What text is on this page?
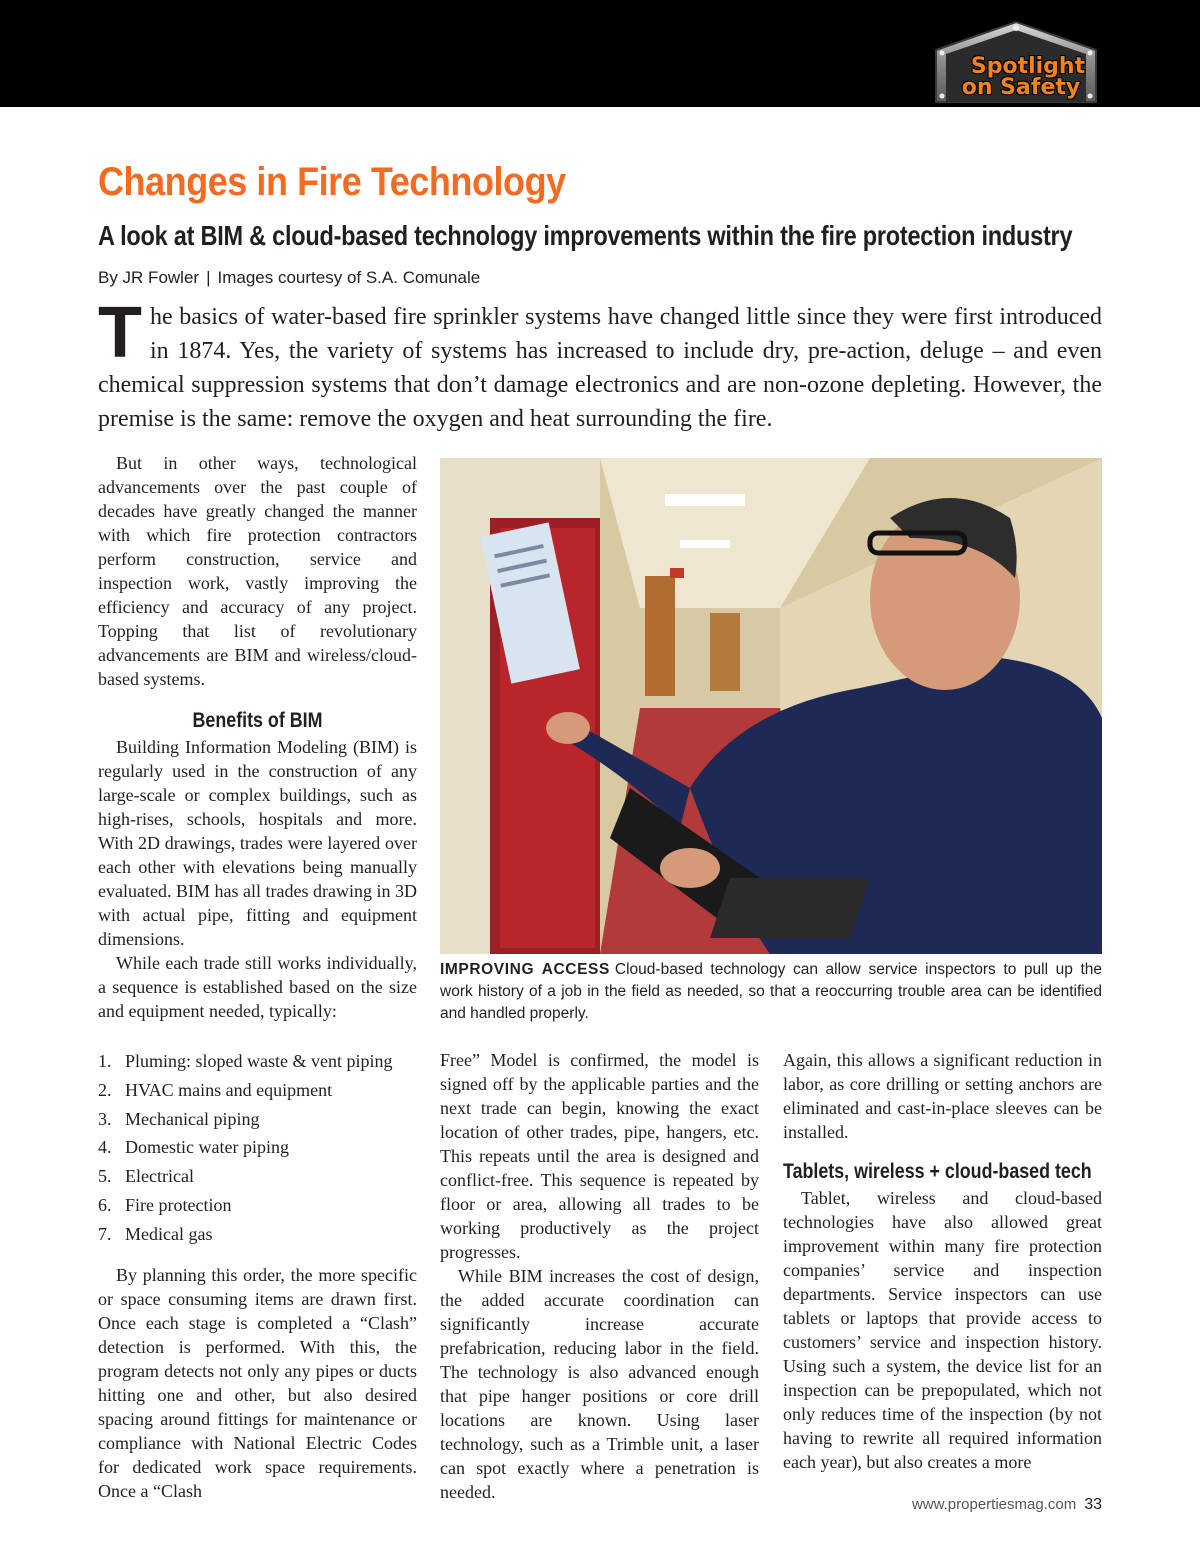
Spotlight
on Safety
Changes in Fire Technology
A look at BIM & cloud-based technology improvements within the fire protection industry
By JR Fowler | Images courtesy of S.A. Comunale

The basics of water-based fire sprinkler systems have changed little since they were first introduced in 1874. Yes, the variety of systems has increased to include dry, pre-action, deluge – and even chemical suppression systems that don’t damage electronics and are non-ozone depleting. However, the premise is the same: remove the oxygen and heat surrounding the fire.

But in other ways, technological advancements over the past couple of decades have greatly changed the manner with which fire protection contractors perform construction, service and inspection work, vastly improving the efficiency and accuracy of any project. Topping that list of revolutionary advancements are BIM and wireless/cloud-based systems.

Benefits of BIM

Building Information Modeling (BIM) is regularly used in the construction of any large-scale or complex buildings, such as high-rises, schools, hospitals and more. With 2D drawings, trades were layered over each other with elevations being manually evaluated. BIM has all trades drawing in 3D with actual pipe, fitting and equipment dimensions.

While each trade still works individually, a sequence is established based on the size and equipment needed, typically:

1. Pluming: sloped waste & vent piping
2. HVAC mains and equipment
3. Mechanical piping
4. Domestic water piping
5. Electrical
6. Fire protection
7. Medical gas

By planning this order, the more specific or space consuming items are drawn first. Once each stage is completed a “Clash” detection is performed. With this, the program detects not only any pipes or ducts hitting one and other, but also desired spacing around fittings for maintenance or compliance with National Electric Codes for dedicated work space requirements. Once a “Clash

IMPROVING ACCESS Cloud-based technology can allow service inspectors to pull up the work history of a job in the field as needed, so that a reoccurring trouble area can be identified and handled properly.

Free” Model is confirmed, the model is signed off by the applicable parties and the next trade can begin, knowing the exact location of other trades, pipe, hangers, etc. This repeats until the area is designed and conflict-free. This sequence is repeated by floor or area, allowing all trades to be working productively as the project progresses.

While BIM increases the cost of design, the added accurate coordination can significantly increase accurate prefabrication, reducing labor in the field. The technology is also advanced enough that pipe hanger positions or core drill locations are known. Using laser technology, such as a Trimble unit, a laser can spot exactly where a penetration is needed.

Again, this allows a significant reduction in labor, as core drilling or setting anchors are eliminated and cast-in-place sleeves can be installed.

Tablets, wireless + cloud-based tech

Tablet, wireless and cloud-based technologies have also allowed great improvement within many fire protection companies’ service and inspection departments. Service inspectors can use tablets or laptops that provide access to customers’ service and inspection history. Using such a system, the device list for an inspection can be prepopulated, which not only reduces time of the inspection (by not having to rewrite all required information each year), but also creates a more

www.propertiesmag.com 33
